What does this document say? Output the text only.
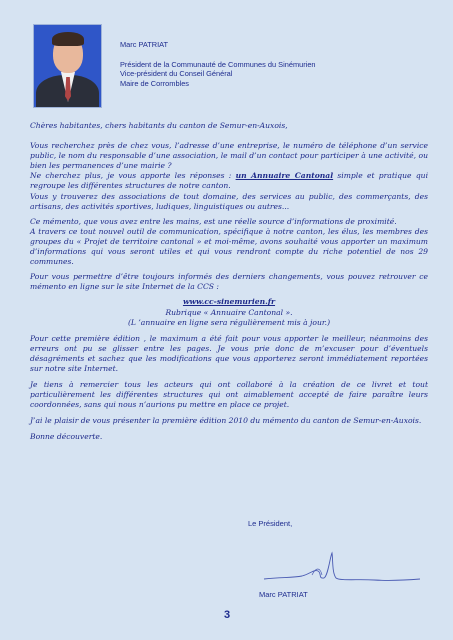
Marc PATRIAT
Président de la Communauté de Communes du Sinémurien
Vice-président du Conseil Général
Maire de Corrombles

Chères habitantes, chers habitants du canton de Semur-en-Auxois,

Vous recherchez près de chez vous, l’adresse d’une entreprise, le numéro de téléphone d’un service public, le nom du responsable d’une association, le mail d’un contact pour participer à une activité, ou bien les permanences d’une mairie ?
Ne cherchez plus, je vous apporte les réponses : un Annuaire Cantonal simple et pratique qui regroupe les différentes structures de notre canton.
Vous y trouverez des associations de tout domaine, des services au public, des commerçants, des artisans, des activités sportives, ludiques, linguistiques ou autres...

Ce mémento, que vous avez entre les mains, est une réelle source d’informations de proximité.
A travers ce tout nouvel outil de communication, spécifique à notre canton, les élus, les membres des groupes du « Projet de territoire cantonal » et moi-même, avons souhaité vous apporter un maximum d’informations qui vous seront utiles et qui vous rendront compte du riche potentiel de nos 29 communes.

Pour vous permettre d’être toujours informés des derniers changements, vous pouvez retrouver ce mémento en ligne sur le site Internet de la CCS :

www.cc-sinemurien.fr
Rubrique « Annuaire Cantonal ».
(L ’annuaire en ligne sera régulièrement mis à jour.)

Pour cette première édition , le maximum a été fait pour vous apporter le meilleur, néanmoins des erreurs ont pu se glisser entre les pages. Je vous prie donc de m’excuser pour d’éventuels désagréments et sachez que les modifications que vous apporterez seront immédiatement reportées sur notre site Internet.

Je tiens à remercier tous les acteurs qui ont collaboré à la création de ce livret et tout particulièrement les différentes structures qui ont aimablement accepté de faire paraître leurs coordonnées, sans qui nous n’aurions pu mettre en place ce projet.

J’ai le plaisir de vous présenter la première édition 2010 du mémento du canton de Semur-en-Auxois.

Bonne découverte.

Le Président,
Marc PATRIAT
3
